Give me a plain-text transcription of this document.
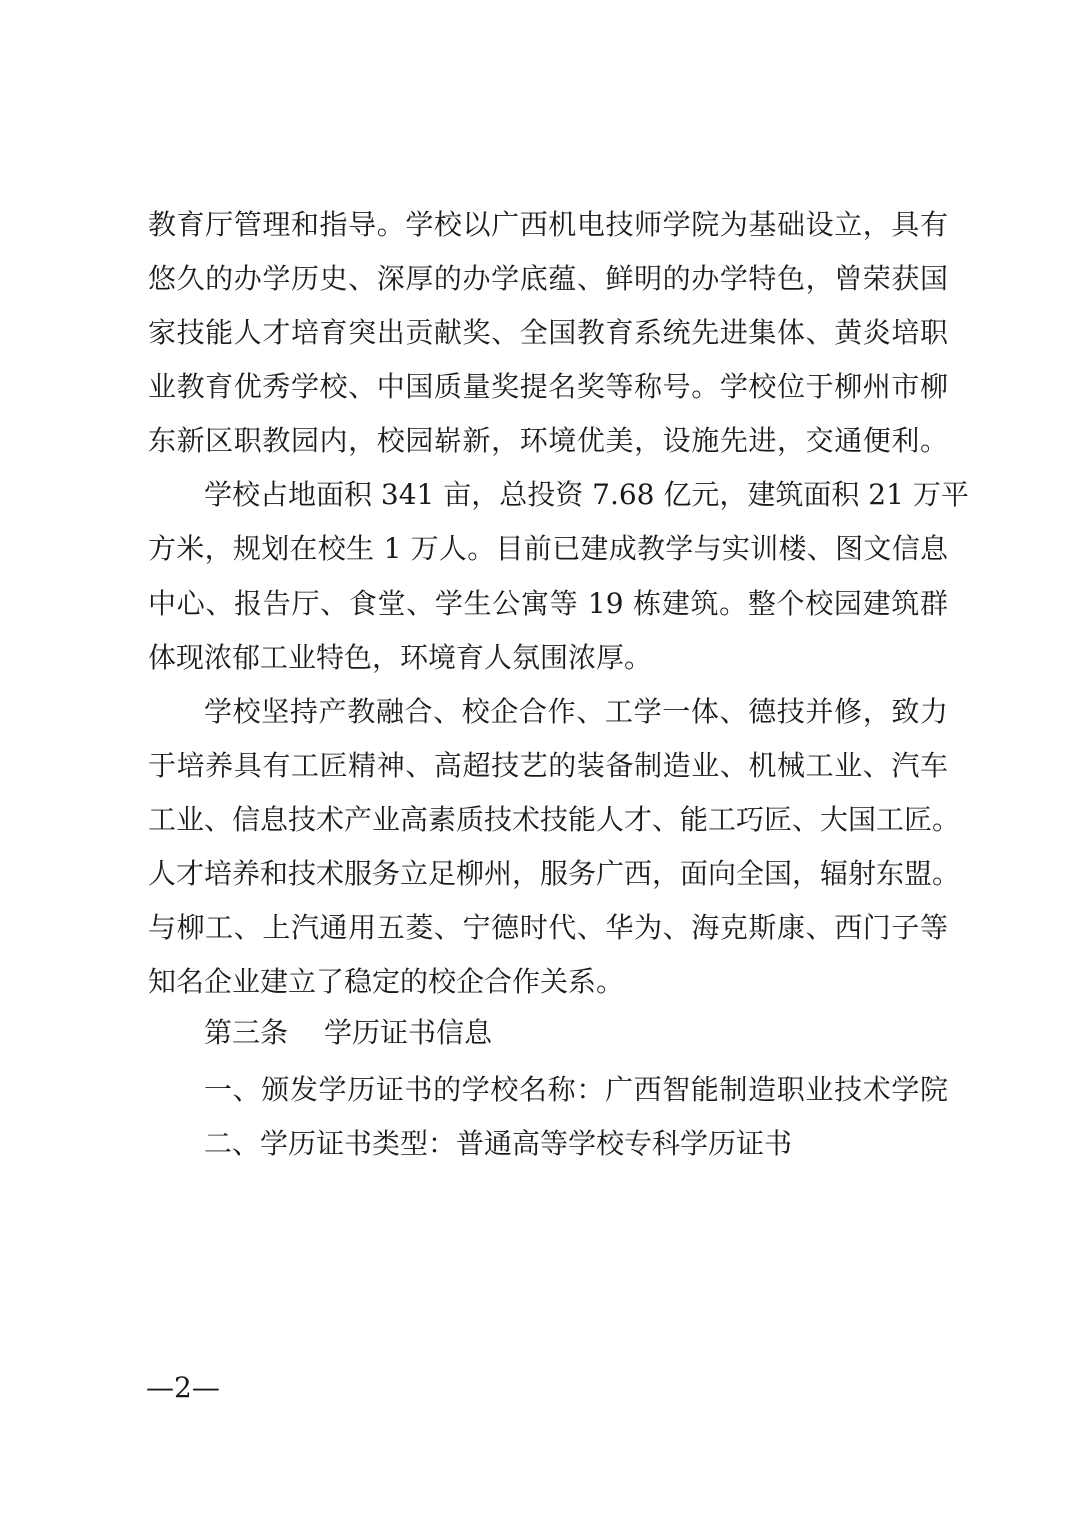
教育厅管理和指导。学校以广西机电技师学院为基础设立，具有
悠久的办学历史、深厚的办学底蕴、鲜明的办学特色，曾荣获国
家技能人才培育突出贡献奖、全国教育系统先进集体、黄炎培职
业教育优秀学校、中国质量奖提名奖等称号。学校位于柳州市柳
东新区职教园内，校园崭新，环境优美，设施先进，交通便利。
学校占地面积 341 亩，总投资 7.68 亿元，建筑面积 21 万平
方米，规划在校生 1 万人。目前已建成教学与实训楼、图文信息
中心、报告厅、食堂、学生公寓等 19 栋建筑。整个校园建筑群
体现浓郁工业特色，环境育人氛围浓厚。
学校坚持产教融合、校企合作、工学一体、德技并修，致力
于培养具有工匠精神、高超技艺的装备制造业、机械工业、汽车
工业、信息技术产业高素质技术技能人才、能工巧匠、大国工匠。
人才培养和技术服务立足柳州，服务广西，面向全国，辐射东盟。
与柳工、上汽通用五菱、宁德时代、华为、海克斯康、西门子等
知名企业建立了稳定的校企合作关系。
第三条 学历证书信息
一、颁发学历证书的学校名称：广西智能制造职业技术学院
二、学历证书类型：普通高等学校专科学历证书
—2—
